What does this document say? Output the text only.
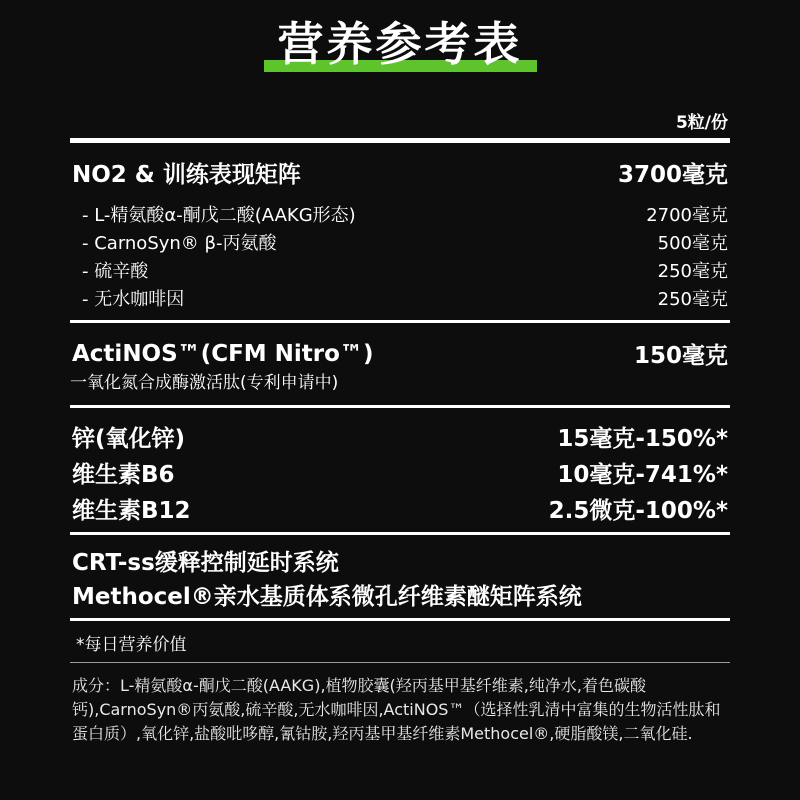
营养参考表
5粒/份
NO2 & 训练表现矩阵	3700毫克
- L-精氨酸α-酮戊二酸(AAKG形态)	2700毫克
- CarnoSyn® β-丙氨酸	500毫克
- 硫辛酸	250毫克
- 无水咖啡因	250毫克
ActiNOS™(CFM Nitro™)	150毫克
一氧化氮合成酶激活肽(专利申请中)
锌(氧化锌)	15毫克-150%*
维生素B6	10毫克-741%*
维生素B12	2.5微克-100%*
CRT-ss缓释控制延时系统
Methocel®亲水基质体系微孔纤维素醚矩阵系统
*每日营养价值
成分：L-精氨酸α-酮戊二酸(AAKG),植物胶囊(羟丙基甲基纤维素,纯净水,着色碳酸钙),CarnoSyn®丙氨酸,硫辛酸,无水咖啡因,ActiNOS™（选择性乳清中富集的生物活性肽和蛋白质）,氧化锌,盐酸吡哆醇,氰钴胺,羟丙基甲基纤维素Methocel®,硬脂酸镁,二氧化硅.
